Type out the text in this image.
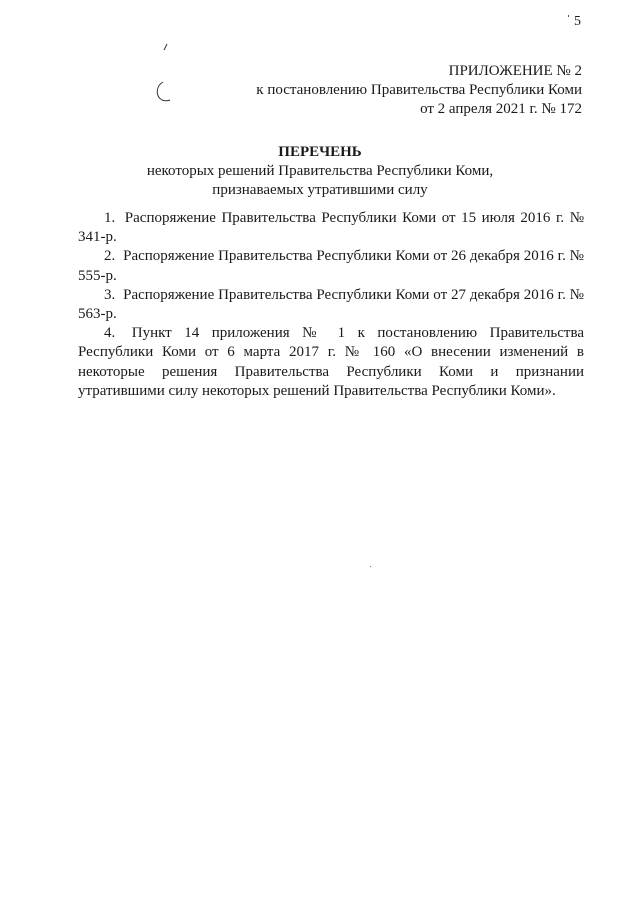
5
ПРИЛОЖЕНИЕ № 2
к постановлению Правительства Республики Коми
от 2 апреля 2021 г. № 172
ПЕРЕЧЕНЬ
некоторых решений Правительства Республики Коми,
признаваемых утратившими силу

1. Распоряжение Правительства Республики Коми от 15 июля 2016 г. № 341-р.

2. Распоряжение Правительства Республики Коми от 26 декабря 2016 г. № 555-р.

3. Распоряжение Правительства Республики Коми от 27 декабря 2016 г. № 563-р.

4. Пункт 14 приложения № 1 к постановлению Правительства Республики Коми от 6 марта 2017 г. № 160 «О внесении изменений в некоторые решения Правительства Республики Коми и признании утратившими силу некоторых решений Правительства Республики Коми».
